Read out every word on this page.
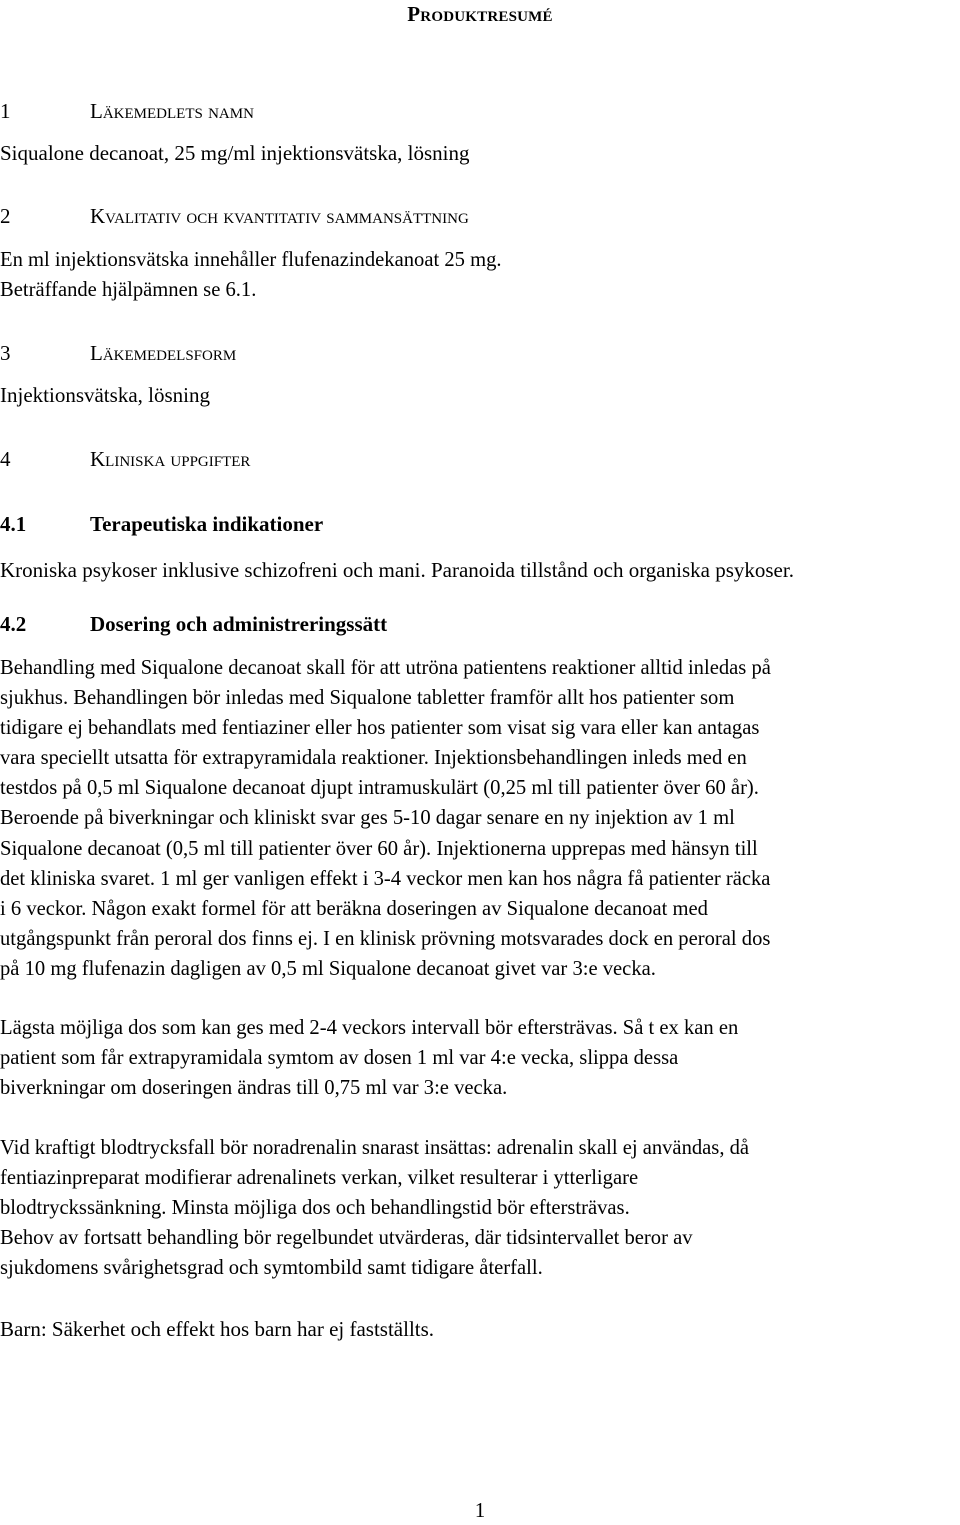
Produktresumé
1	Läkemedlets namn
Siqualone decanoat, 25 mg/ml injektionsvätska, lösning
2	Kvalitativ och kvantitativ sammansättning
En ml injektionsvätska innehåller flufenazindekanoat 25 mg.
Beträffande hjälpämnen se 6.1.
3	Läkemedelsform
Injektionsvätska, lösning
4	Kliniska uppgifter
4.1	Terapeutiska indikationer
Kroniska psykoser inklusive schizofreni och mani. Paranoida tillstånd och organiska psykoser.
4.2	Dosering och administreringssätt
Behandling med Siqualone decanoat skall för att utröna patientens reaktioner alltid inledas på
sjukhus. Behandlingen bör inledas med Siqualone tabletter framför allt hos patienter som
tidigare ej behandlats med fentiaziner eller hos patienter som visat sig vara eller kan antagas
vara speciellt utsatta för extrapyramidala reaktioner. Injektionsbehandlingen inleds med en
testdos på 0,5 ml Siqualone decanoat djupt intramuskulärt (0,25 ml till patienter över 60 år).
Beroende på biverkningar och kliniskt svar ges 5-10 dagar senare en ny injektion av 1 ml
Siqualone decanoat (0,5 ml till patienter över 60 år). Injektionerna upprepas med hänsyn till
det kliniska svaret. 1 ml ger vanligen effekt i 3-4 veckor men kan hos några få patienter räcka
i 6 veckor. Någon exakt formel för att beräkna doseringen av Siqualone decanoat med
utgångspunkt från peroral dos finns ej. I en klinisk prövning motsvarades dock en peroral dos
på 10 mg flufenazin dagligen av 0,5 ml Siqualone decanoat givet var 3:e vecka.
Lägsta möjliga dos som kan ges med 2-4 veckors intervall bör eftersträvas. Så t ex kan en
patient som får extrapyramidala symtom av dosen 1 ml var 4:e vecka, slippa dessa
biverkningar om doseringen ändras till 0,75 ml var 3:e vecka.
Vid kraftigt blodtrycksfall bör noradrenalin snarast insättas: adrenalin skall ej användas, då
fentiazinpreparat modifierar adrenalinets verkan, vilket resulterar i ytterligare
blodtryckssänkning. Minsta möjliga dos och behandlingstid bör eftersträvas.
Behov av fortsatt behandling bör regelbundet utvärderas, där tidsintervallet beror av
sjukdomens svårighetsgrad och symtombild samt tidigare återfall.
Barn: Säkerhet och effekt hos barn har ej fastställts.
1
